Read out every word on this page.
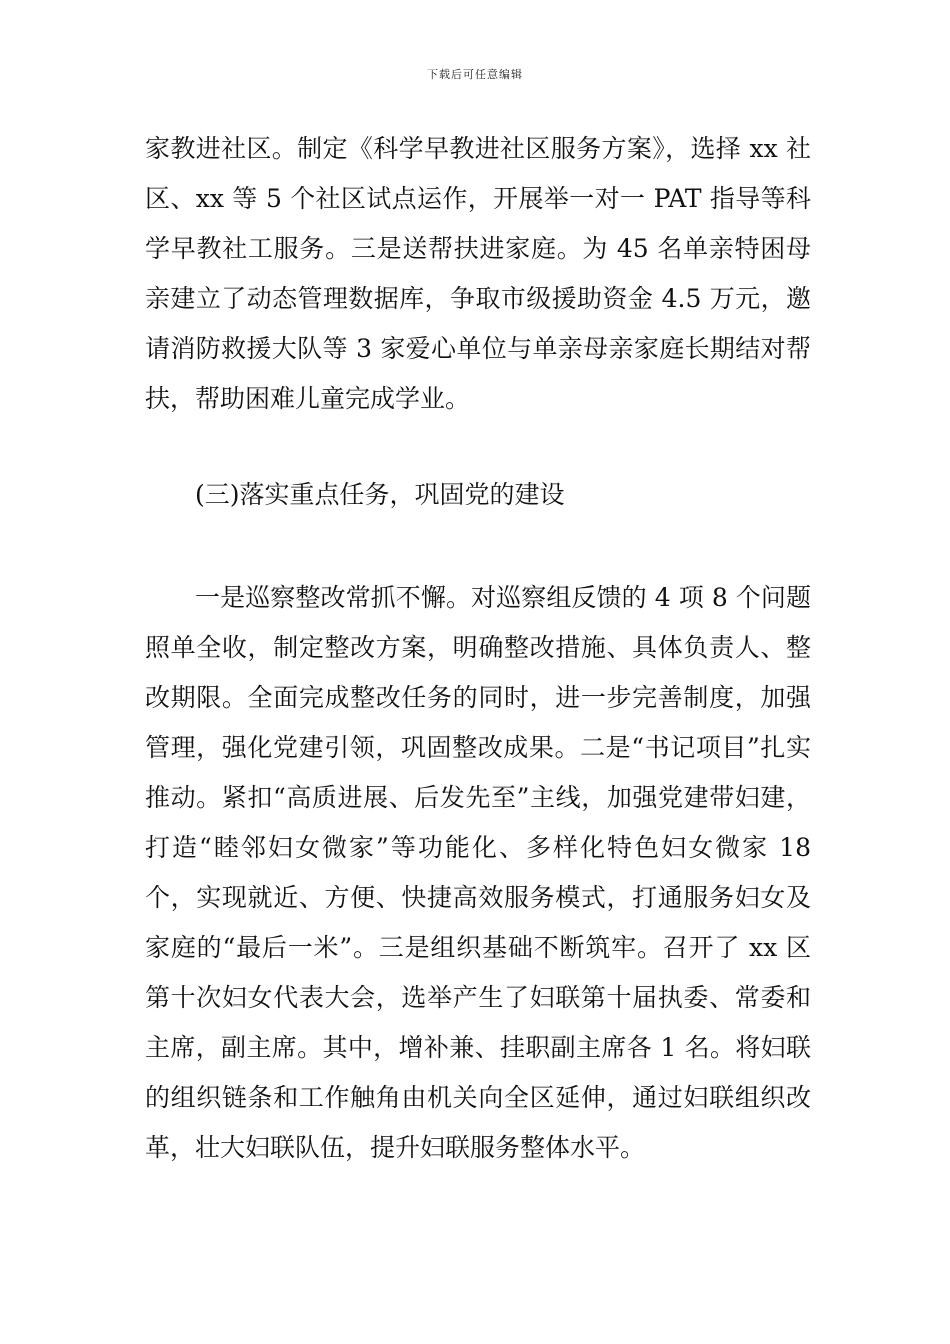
下载后可任意编辑

家教进社区。制定《科学早教进社区服务方案》，选择 xx 社区、xx 等 5 个社区试点运作，开展举一对一 PAT 指导等科学早教社工服务。三是送帮扶进家庭。为 45 名单亲特困母亲建立了动态管理数据库，争取市级援助资金 4.5 万元，邀请消防救援大队等 3 家爱心单位与单亲母亲家庭长期结对帮扶，帮助困难儿童完成学业。

(三)落实重点任务，巩固党的建设

一是巡察整改常抓不懈。对巡察组反馈的 4 项 8 个问题照单全收，制定整改方案，明确整改措施、具体负责人、整改期限。全面完成整改任务的同时，进一步完善制度，加强管理，强化党建引领，巩固整改成果。二是“书记项目”扎实推动。紧扣“高质进展、后发先至”主线，加强党建带妇建，打造“睦邻妇女微家”等功能化、多样化特色妇女微家 18 个，实现就近、方便、快捷高效服务模式，打通服务妇女及家庭的“最后一米”。三是组织基础不断筑牢。召开了 xx 区第十次妇女代表大会，选举产生了妇联第十届执委、常委和主席，副主席。其中，增补兼、挂职副主席各 1 名。将妇联的组织链条和工作触角由机关向全区延伸，通过妇联组织改革，壮大妇联队伍，提升妇联服务整体水平。
